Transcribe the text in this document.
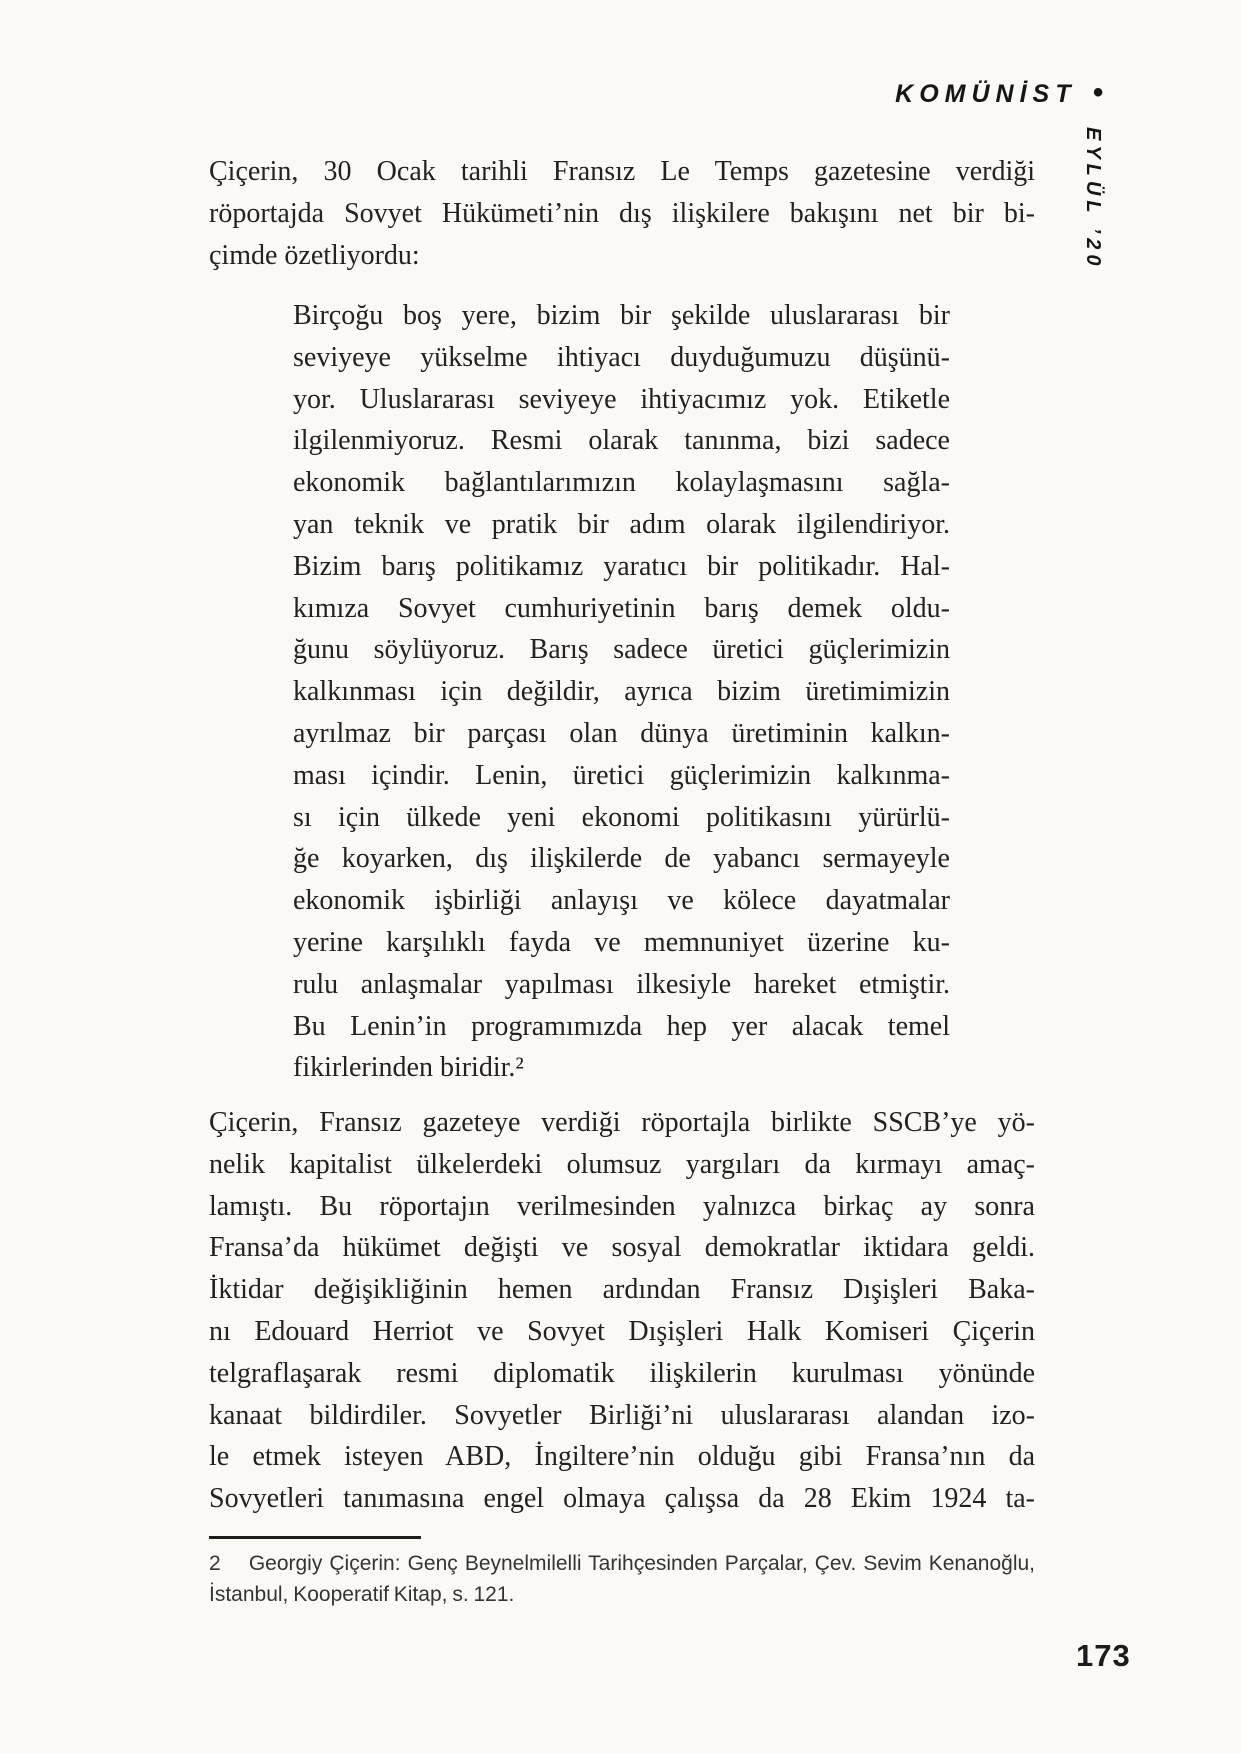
KOMÜNİST •
EYLÜL ’20
Çiçerin, 30 Ocak tarihli Fransız Le Temps gazetesine verdiği
röportajda Sovyet Hükümeti’nin dış ilişkilere bakışını net bir bi-
çimde özetliyordu:
Birçoğu boş yere, bizim bir şekilde uluslararası bir
seviyeye yükselme ihtiyacı duyduğumuzu düşünü-
yor. Uluslararası seviyeye ihtiyacımız yok. Etiketle
ilgilenmiyoruz. Resmi olarak tanınma, bizi sadece
ekonomik bağlantılarımızın kolaylaşmasını sağla-
yan teknik ve pratik bir adım olarak ilgilendiriyor.
Bizim barış politikamız yaratıcı bir politikadır. Hal-
kımıza Sovyet cumhuriyetinin barış demek oldu-
ğunu söylüyoruz. Barış sadece üretici güçlerimizin
kalkınması için değildir, ayrıca bizim üretimimizin
ayrılmaz bir parçası olan dünya üretiminin kalkın-
ması içindir. Lenin, üretici güçlerimizin kalkınma-
sı için ülkede yeni ekonomi politikasını yürürlü-
ğe koyarken, dış ilişkilerde de yabancı sermayeyle
ekonomik işbirliği anlayışı ve kölece dayatmalar
yerine karşılıklı fayda ve memnuniyet üzerine ku-
rulu anlaşmalar yapılması ilkesiyle hareket etmiştir.
Bu Lenin’in programımızda hep yer alacak temel
fikirlerinden biridir.²
Çiçerin, Fransız gazeteye verdiği röportajla birlikte SSCB’ye yö-
nelik kapitalist ülkelerdeki olumsuz yargıları da kırmayı amaç-
lamıştı. Bu röportajın verilmesinden yalnızca birkaç ay sonra
Fransa’da hükümet değişti ve sosyal demokratlar iktidara geldi.
İktidar değişikliğinin hemen ardından Fransız Dışişleri Baka-
nı Edouard Herriot ve Sovyet Dışişleri Halk Komiseri Çiçerin
telgraflaşarak resmi diplomatik ilişkilerin kurulması yönünde
kanaat bildirdiler. Sovyetler Birliği’ni uluslararası alandan izo-
le etmek isteyen ABD, İngiltere’nin olduğu gibi Fransa’nın da
Sovyetleri tanımasına engel olmaya çalışsa da 28 Ekim 1924 ta-
2    Georgiy Çiçerin: Genç Beynelmilelli Tarihçesinden Parçalar, Çev. Sevim Kenanoğlu,
İstanbul, Kooperatif Kitap, s. 121.
173
